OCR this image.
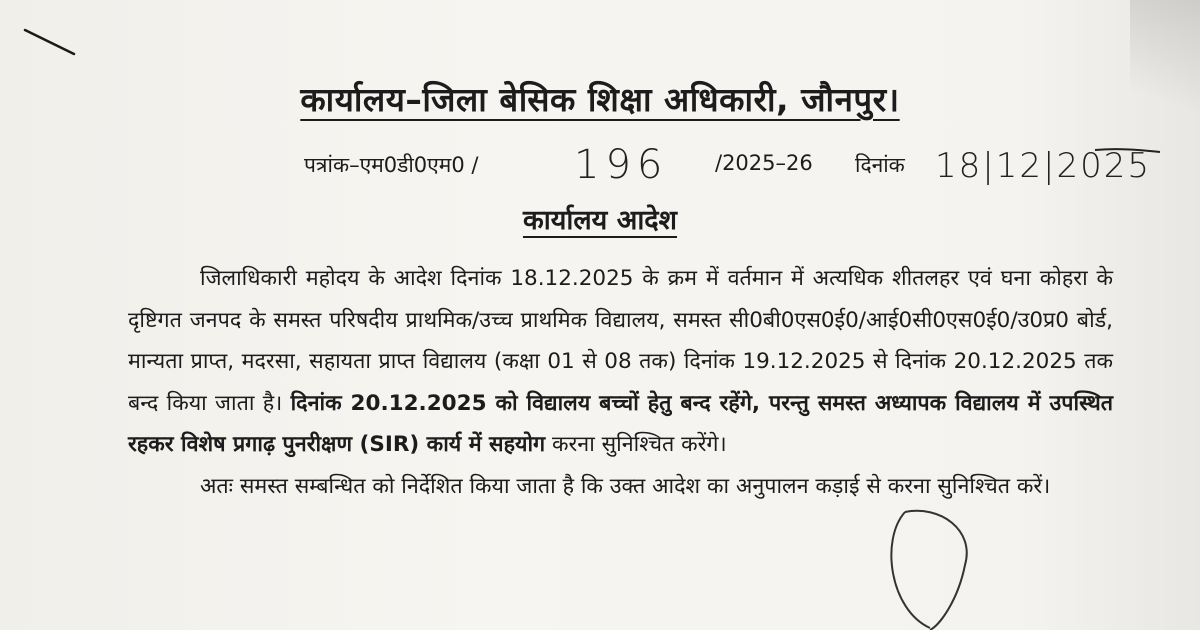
कार्यालय–जिला बेसिक शिक्षा अधिकारी, जौनपुर।
पत्रांक–एम0डी0एम0 / 196 /2025–26 दिनांक 18|12|2025
कार्यालय आदेश

जिलाधिकारी महोदय के आदेश दिनांक 18.12.2025 के क्रम में वर्तमान में अत्यधिक शीतलहर एवं घना कोहरा के दृष्टिगत जनपद के समस्त परिषदीय प्राथमिक/उच्च प्राथमिक विद्यालय, समस्त सी0बी0एस0ई0/आई0सी0एस0ई0/उ0प्र0 बोर्ड, मान्यता प्राप्त, मदरसा, सहायता प्राप्त विद्यालय (कक्षा 01 से 08 तक) दिनांक 19.12.2025 से दिनांक 20.12.2025 तक बन्द किया जाता है। दिनांक 20.12.2025 को विद्यालय बच्चों हेतु बन्द रहेंगे, परन्तु समस्त अध्यापक विद्यालय में उपस्थित रहकर विशेष प्रगाढ़ पुनरीक्षण (SIR) कार्य में सहयोग करना सुनिश्चित करेंगे।

अतः समस्त सम्बन्धित को निर्देशित किया जाता है कि उक्त आदेश का अनुपालन कड़ाई से करना सुनिश्चित करें।
